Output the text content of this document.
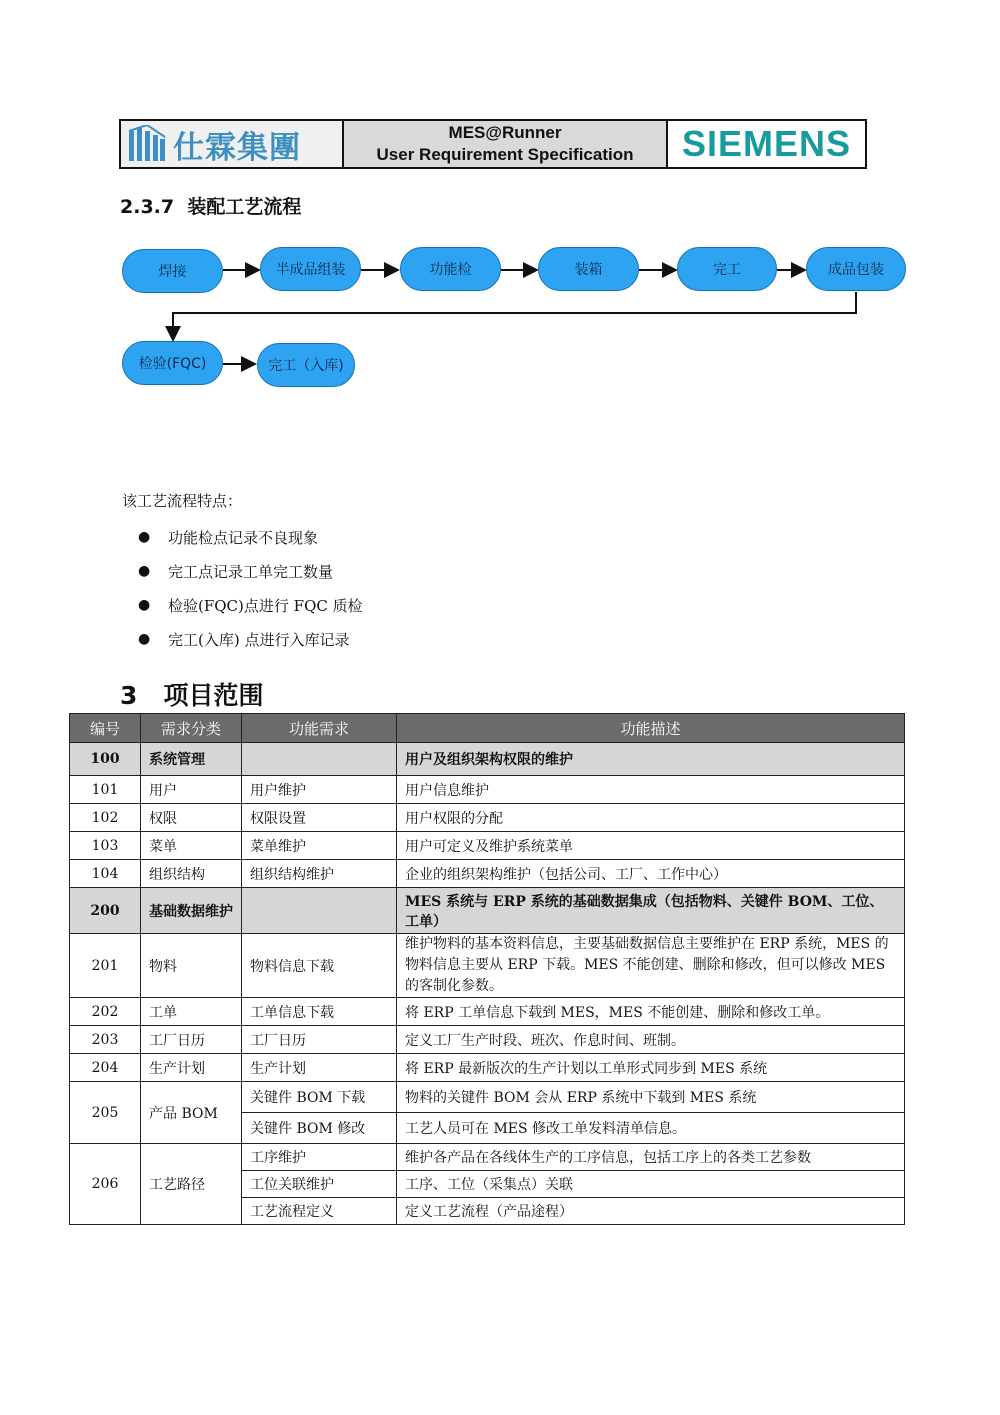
仕霖集團	MES@Runner
User Requirement Specification	SIEMENS
2.3.7 装配工艺流程
焊接	半成品组装	功能检	装箱	完工	成品包装
检验(FQC)	完工（入库)
该工艺流程特点：
●	功能检点记录不良现象
●	完工点记录工单完工数量
●	检验(FQC)点进行 FQC 质检
●	完工(入库) 点进行入库记录
3 项目范围
编号	需求分类	功能需求	功能描述
100	系统管理		用户及组织架构权限的维护
101	用户	用户维护	用户信息维护
102	权限	权限设置	用户权限的分配
103	菜单	菜单维护	用户可定义及维护系统菜单
104	组织结构	组织结构维护	企业的组织架构维护（包括公司、工厂、工作中心）
200	基础数据维护		MES 系统与 ERP 系统的基础数据集成（包括物料、关键件 BOM、工位、工单）
201	物料	物料信息下载	维护物料的基本资料信息，主要基础数据信息主要维护在 ERP 系统，MES 的物料信息主要从 ERP 下载。MES 不能创建、删除和修改，但可以修改 MES 的客制化参数。
202	工单	工单信息下载	将 ERP 工单信息下载到 MES，MES 不能创建、删除和修改工单。
203	工厂日历	工厂日历	定义工厂生产时段、班次、作息时间、班制。
204	生产计划	生产计划	将 ERP 最新版次的生产计划以工单形式同步到 MES 系统
205	产品 BOM	关键件 BOM 下载	物料的关键件 BOM 会从 ERP 系统中下载到 MES 系统
		关键件 BOM 修改	工艺人员可在 MES 修改工单发料清单信息。
206	工艺路径	工序维护	维护各产品在各线体生产的工序信息，包括工序上的各类工艺参数
		工位关联维护	工序、工位（采集点）关联
		工艺流程定义	定义工艺流程（产品途程）
